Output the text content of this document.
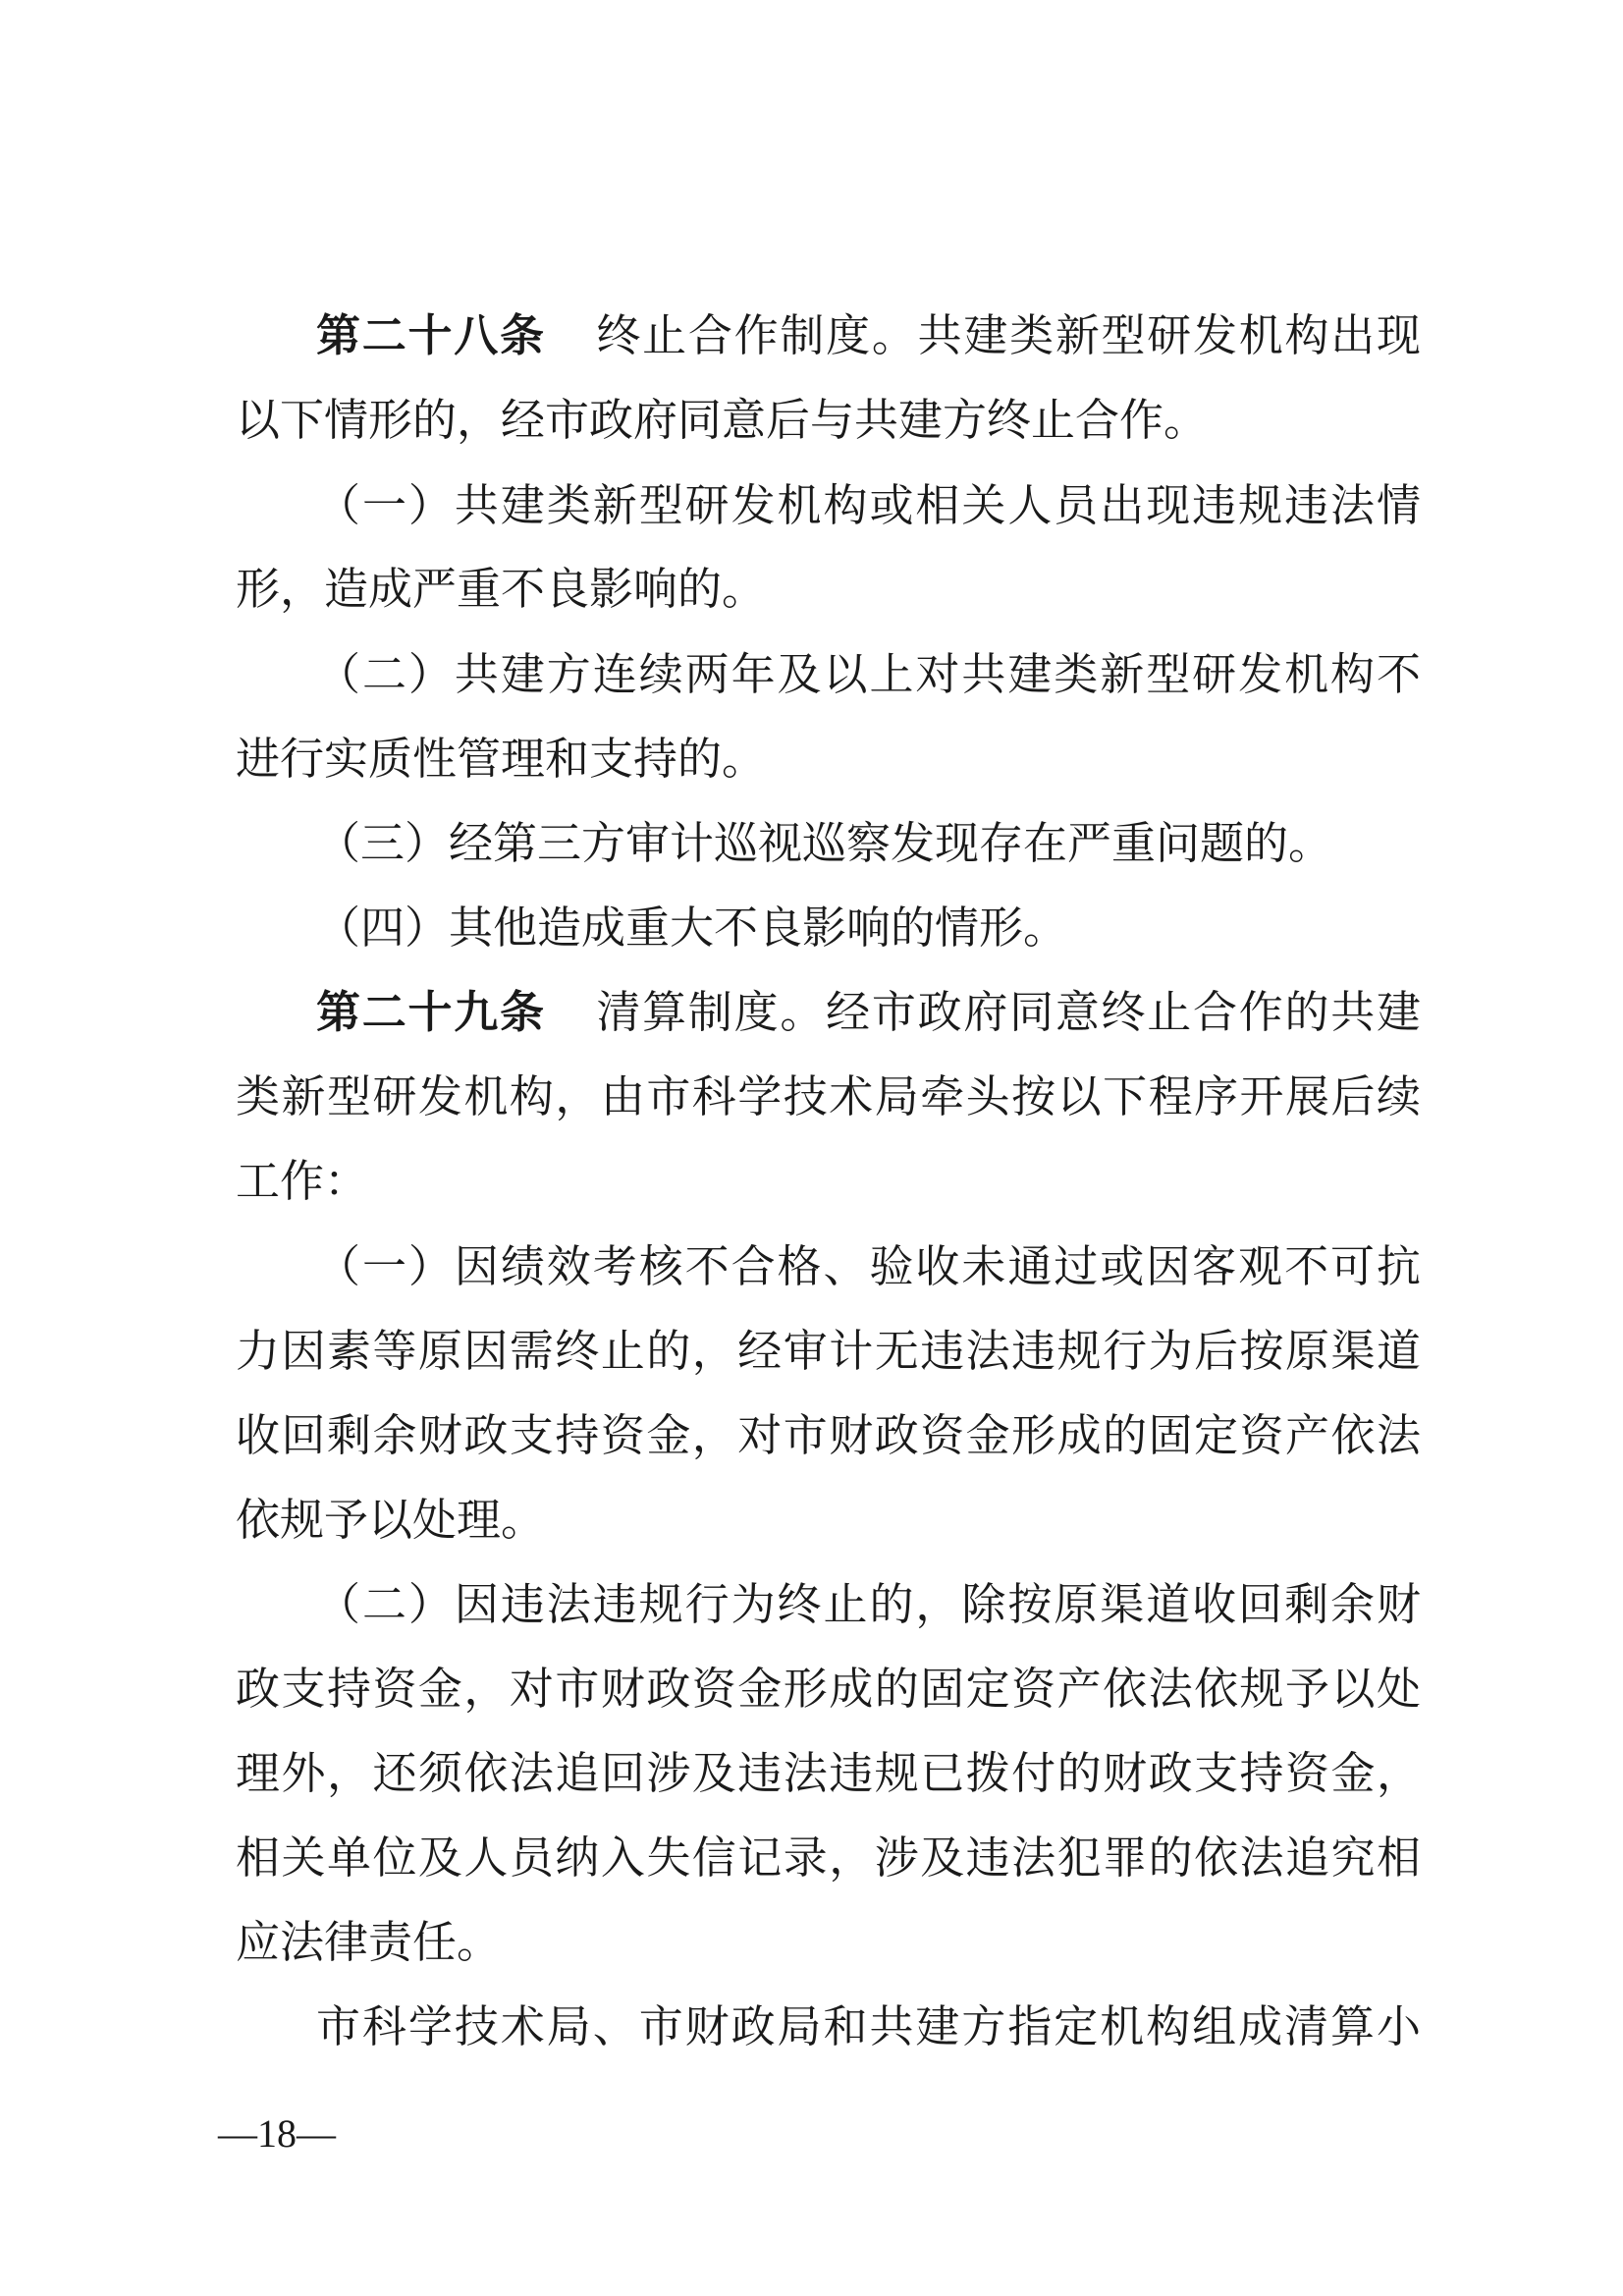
第二十八条 终止合作制度。共建类新型研发机构出现
以下情形的，经市政府同意后与共建方终止合作。
（一）共建类新型研发机构或相关人员出现违规违法情
形，造成严重不良影响的。
（二）共建方连续两年及以上对共建类新型研发机构不
进行实质性管理和支持的。
（三）经第三方审计巡视巡察发现存在严重问题的。
（四）其他造成重大不良影响的情形。
第二十九条 清算制度。经市政府同意终止合作的共建
类新型研发机构，由市科学技术局牵头按以下程序开展后续
工作：
（一）因绩效考核不合格、验收未通过或因客观不可抗
力因素等原因需终止的，经审计无违法违规行为后按原渠道
收回剩余财政支持资金，对市财政资金形成的固定资产依法
依规予以处理。
（二）因违法违规行为终止的，除按原渠道收回剩余财
政支持资金，对市财政资金形成的固定资产依法依规予以处
理外，还须依法追回涉及违法违规已拨付的财政支持资金，
相关单位及人员纳入失信记录，涉及违法犯罪的依法追究相
应法律责任。
市科学技术局、市财政局和共建方指定机构组成清算小
—18—
